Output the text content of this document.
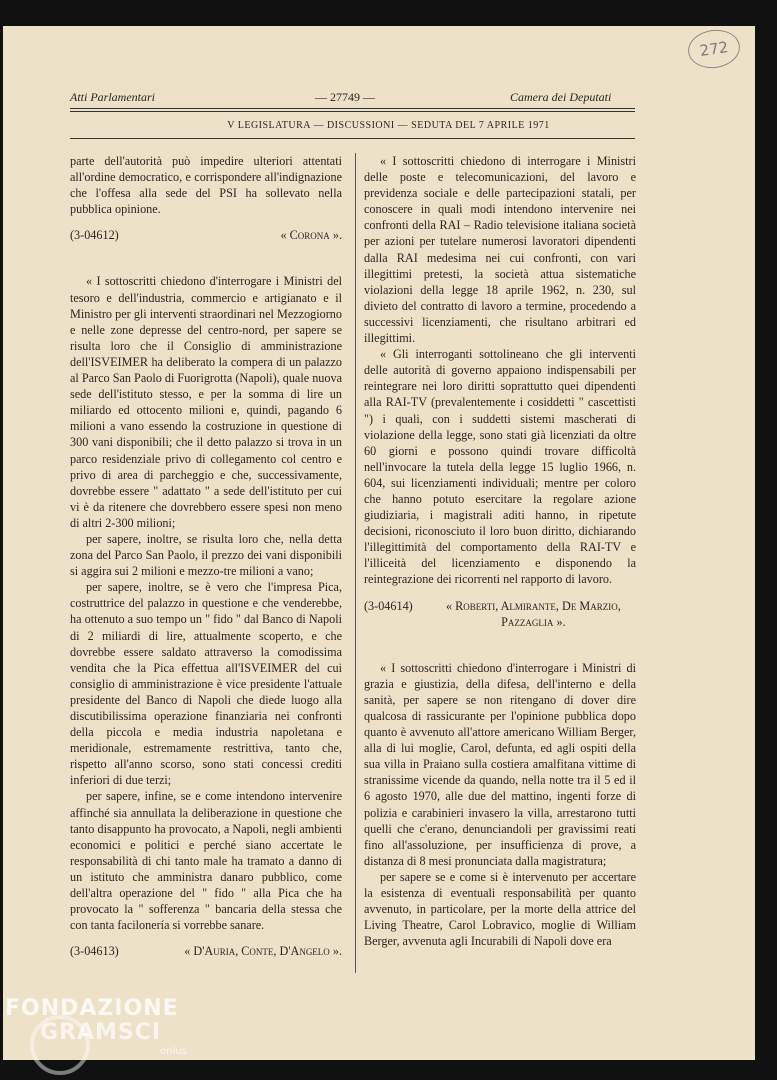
272
Atti Parlamentari	— 27749 —	Camera dei Deputati
V LEGISLATURA — DISCUSSIONI — SEDUTA DEL 7 APRILE 1971

parte dell'autorità può impedire ulteriori attentati all'ordine democratico, e corrispondere all'indignazione che l'offesa alla sede del PSI ha sollevato nella pubblica opinione.

(3-04612)	« Corona ».

« I sottoscritti chiedono d'interrogare i Ministri del tesoro e dell'industria, commercio e artigianato e il Ministro per gli interventi straordinari nel Mezzogiorno e nelle zone depresse del centro-nord, per sapere se risulta loro che il Consiglio di amministrazione dell'ISVEIMER ha deliberato la compera di un palazzo al Parco San Paolo di Fuorigrotta (Napoli), quale nuova sede dell'istituto stesso, e per la somma di lire un miliardo ed ottocento milioni e, quindi, pagando 6 milioni a vano essendo la costruzione in questione di 300 vani disponibili; che il detto palazzo si trova in un parco residenziale privo di collegamento col centro e privo di area di parcheggio e che, successivamente, dovrebbe essere " adattato " a sede dell'istituto per cui vi è da ritenere che dovrebbero essere spesi non meno di altri 2-300 milioni;

per sapere, inoltre, se risulta loro che, nella detta zona del Parco San Paolo, il prezzo dei vani disponibili si aggira sui 2 milioni e mezzo-tre milioni a vano;

per sapere, inoltre, se è vero che l'impresa Pica, costruttrice del palazzo in questione e che venderebbe, ha ottenuto a suo tempo un " fido " dal Banco di Napoli di 2 miliardi di lire, attualmente scoperto, e che dovrebbe essere saldato attraverso la comodissima vendita che la Pica effettua all'ISVEIMER del cui consiglio di amministrazione è vice presidente l'attuale presidente del Banco di Napoli che diede luogo alla discutibilissima operazione finanziaria nei confronti della piccola e media industria napoletana e meridionale, estremamente restrittiva, tanto che, rispetto all'anno scorso, sono stati concessi crediti inferiori di due terzi;

per sapere, infine, se e come intendono intervenire affinché sia annullata la deliberazione in questione che tanto disappunto ha provocato, a Napoli, negli ambienti economici e politici e perché siano accertate le responsabilità di chi tanto male ha tramato a danno di un istituto che amministra danaro pubblico, come dell'altra operazione del " fido " alla Pica che ha provocato la " sofferenza " bancaria della stessa che con tanta facilonería si vorrebbe sanare.

(3-04613)	« D'Auria, Conte, D'Angelo ».

« I sottoscritti chiedono di interrogare i Ministri delle poste e telecomunicazioni, del lavoro e previdenza sociale e delle partecipazioni statali, per conoscere in quali modi intendono intervenire nei confronti della RAI – Radio televisione italiana società per azioni per tutelare numerosi lavoratori dipendenti dalla RAI medesima nei cui confronti, con vari illegittimi pretesti, la società attua sistematiche violazioni della legge 18 aprile 1962, n. 230, sul divieto del contratto di lavoro a termine, procedendo a successivi licenziamenti, che risultano arbitrari ed illegittimi.

« Gli interroganti sottolineano che gli interventi delle autorità di governo appaiono indispensabili per reintegrare nei loro diritti soprattutto quei dipendenti alla RAI-TV (prevalentemente i cosiddetti " cascettisti ") i quali, con i suddetti sistemi mascherati di violazione della legge, sono stati già licenziati da oltre 60 giorni e possono quindi trovare difficoltà nell'invocare la tutela della legge 15 luglio 1966, n. 604, sui licenziamenti individuali; mentre per coloro che hanno potuto esercitare la regolare azione giudiziaria, i magistrali aditi hanno, in ripetute decisioni, riconosciuto il loro buon diritto, dichiarando l'illegittimità del comportamento della RAI-TV e l'illiceità del licenziamento e disponendo la reintegrazione dei ricorrenti nel rapporto di lavoro.

(3-04614)	« Roberti, Almirante, De Marzio, Pazzaglia ».

« I sottoscritti chiedono d'interrogare i Ministri di grazia e giustizia, della difesa, dell'interno e della sanità, per sapere se non ritengano di dover dire qualcosa di rassicurante per l'opinione pubblica dopo quanto è avvenuto all'attore americano William Berger, alla di lui moglie, Carol, defunta, ed agli ospiti della sua villa in Praiano sulla costiera amalfitana vittime di stranissime vicende da quando, nella notte tra il 5 ed il 6 agosto 1970, alle due del mattino, ingenti forze di polizia e carabinieri invasero la villa, arrestarono tutti quelli che c'erano, denunciandoli per gravissimi reati fino all'assoluzione, per insufficienza di prove, a distanza di 8 mesi pronunciata dalla magistratura;

per sapere se e come si è intervenuto per accertare la esistenza di eventuali responsabilità per quanto avvenuto, in particolare, per la morte della attrice del Living Theatre, Carol Lobravico, moglie di William Berger, avvenuta agli Incurabili di Napoli dove era

FONDAZIONE
GRAMSCI
onlus
